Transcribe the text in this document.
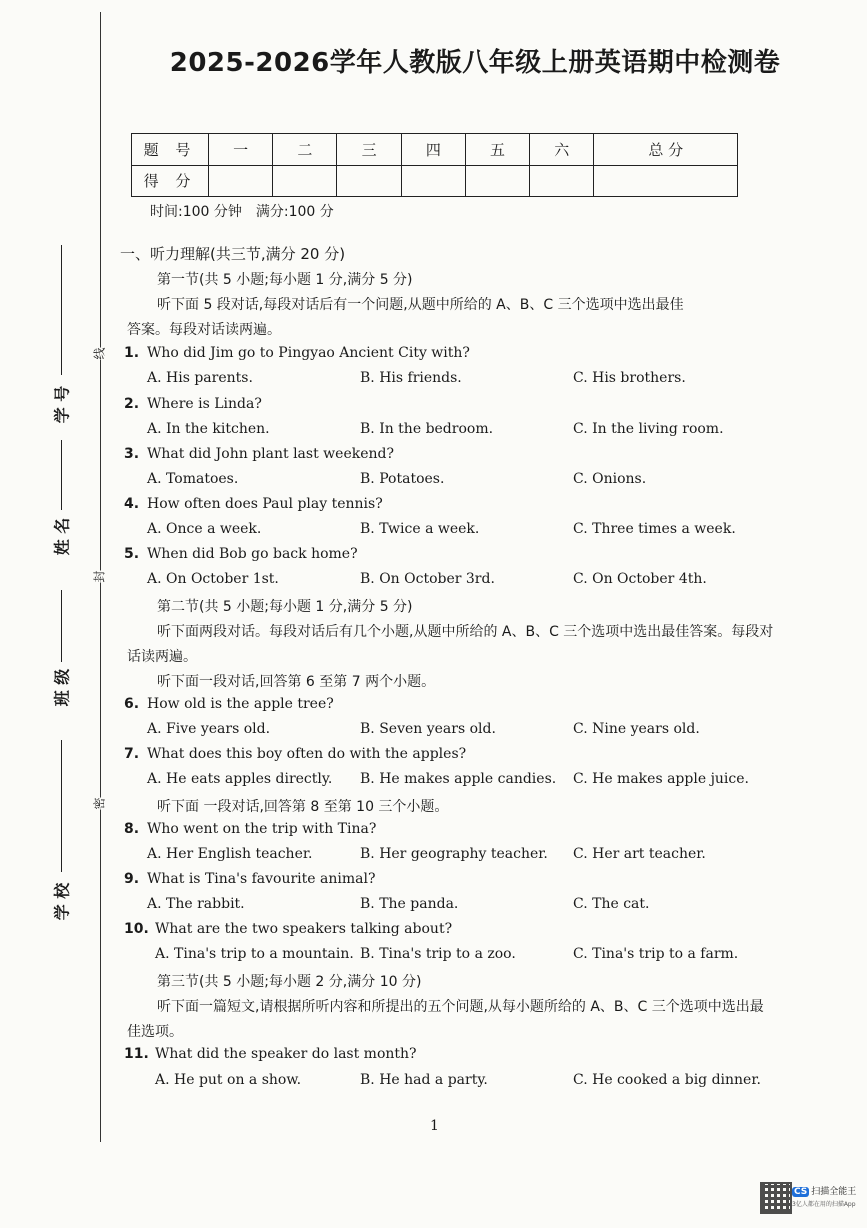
线
封
密
学 号
姓 名
班 级
学 校
2025-2026学年人教版八年级上册英语期中检测卷
题 号	一	二	三	四	五	六	总 分
得 分							
时间:100 分钟　满分:100 分
一、听力理解(共三节,满分 20 分)
第一节(共 5 小题;每小题 1 分,满分 5 分)
听下面 5 段对话,每段对话后有一个问题,从题中所给的 A、B、C 三个选项中选出最佳
答案。每段对话读两遍。
1. Who did Jim go to Pingyao Ancient City with?
A. His parents.	B. His friends.	C. His brothers.
2. Where is Linda?
A. In the kitchen.	B. In the bedroom.	C. In the living room.
3. What did John plant last weekend?
A. Tomatoes.	B. Potatoes.	C. Onions.
4. How often does Paul play tennis?
A. Once a week.	B. Twice a week.	C. Three times a week.
5. When did Bob go back home?
A. On October 1st.	B. On October 3rd.	C. On October 4th.
第二节(共 5 小题;每小题 1 分,满分 5 分)
听下面两段对话。每段对话后有几个小题,从题中所给的 A、B、C 三个选项中选出最佳答案。每段对
话读两遍。
听下面一段对话,回答第 6 至第 7 两个小题。
6. How old is the apple tree?
A. Five years old.	B. Seven years old.	C. Nine years old.
7. What does this boy often do with the apples?
A. He eats apples directly. B. He makes apple candies. C. He makes apple juice.
听下面 一段对话,回答第 8 至第 10 三个小题。
8. Who went on the trip with Tina?
A. Her English teacher.	B. Her geography teacher. C. Her art teacher.
9. What is Tina's favourite animal?
A. The rabbit.	B. The panda.	C. The cat.
10. What are the two speakers talking about?
A. Tina's trip to a mountain. B. Tina's trip to a zoo.	C. Tina's trip to a farm.
第三节(共 5 小题;每小题 2 分,满分 10 分)
听下面一篇短文,请根据所听内容和所提出的五个问题,从每小题所给的 A、B、C 三个选项中选出最
佳选项。
11. What did the speaker do last month?
A. He put on a show.	B. He had a party.	C. He cooked a big dinner.
1
CS 扫描全能王
3亿人都在用的扫描App
